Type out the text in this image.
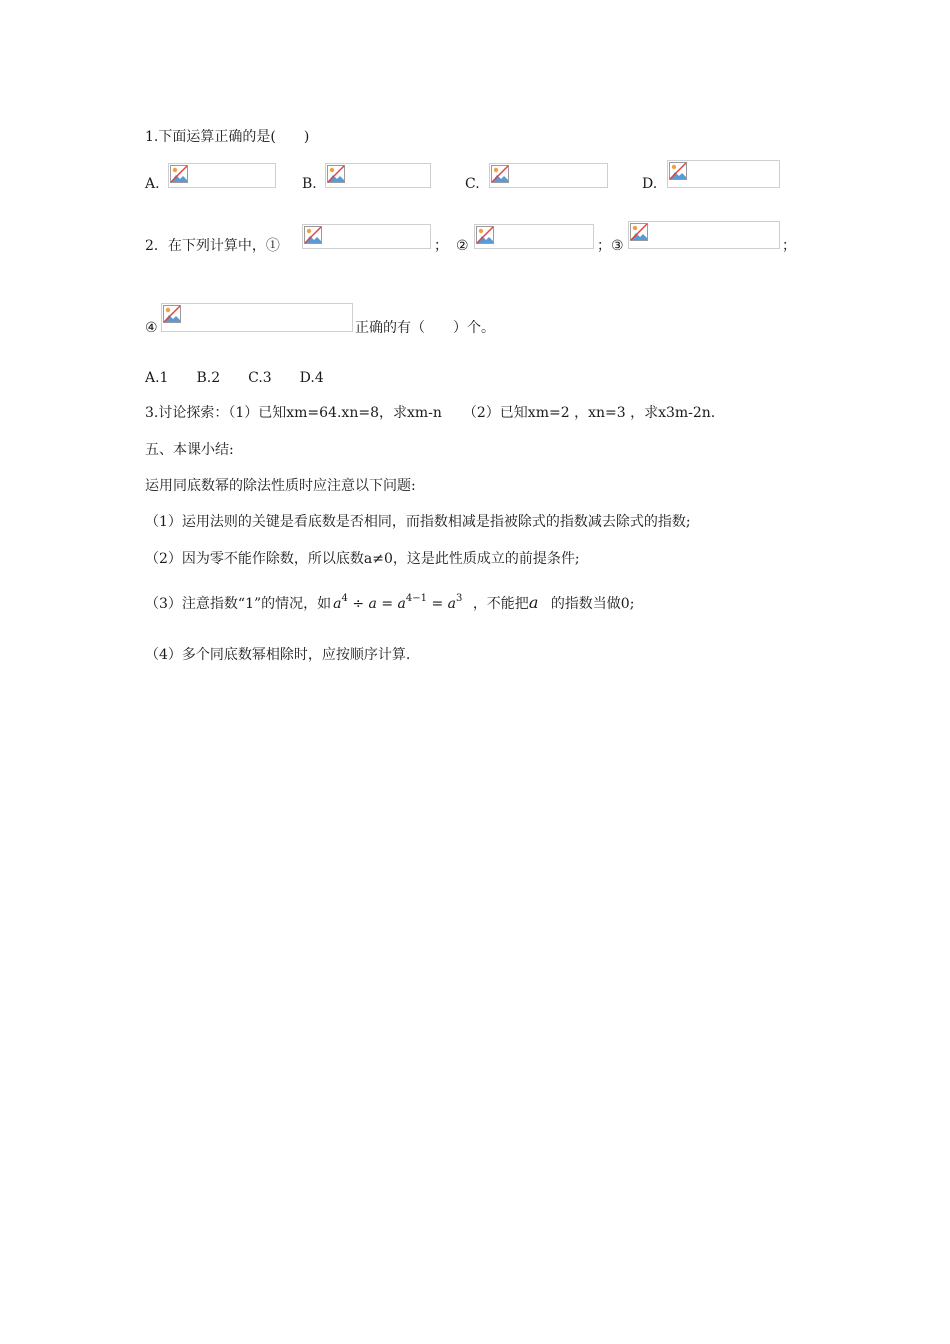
1.下面运算正确的是(　　)
A.	B.	C.	D.
2．在下列计算中，①	； ②	； ③	；
④	正确的有（　　）个。
A.1　　B.2　　C.3　　D.4
3.讨论探索：（1）已知xm=64.xn=8，求xm-n　　（2）已知xm=2 ，xn=3 ，求x3m-2n.
五、本课小结:
运用同底数幂的除法性质时应注意以下问题:
（1）运用法则的关键是看底数是否相同，而指数相减是指被除式的指数减去除式的指数;
（2）因为零不能作除数，所以底数a≠0，这是此性质成立的前提条件;
（3）注意指数“1”的情况，如 $a^4 \div a = a^{4-1} = a^3$ ，不能把a 的指数当做0;
（4）多个同底数幂相除时，应按顺序计算.
